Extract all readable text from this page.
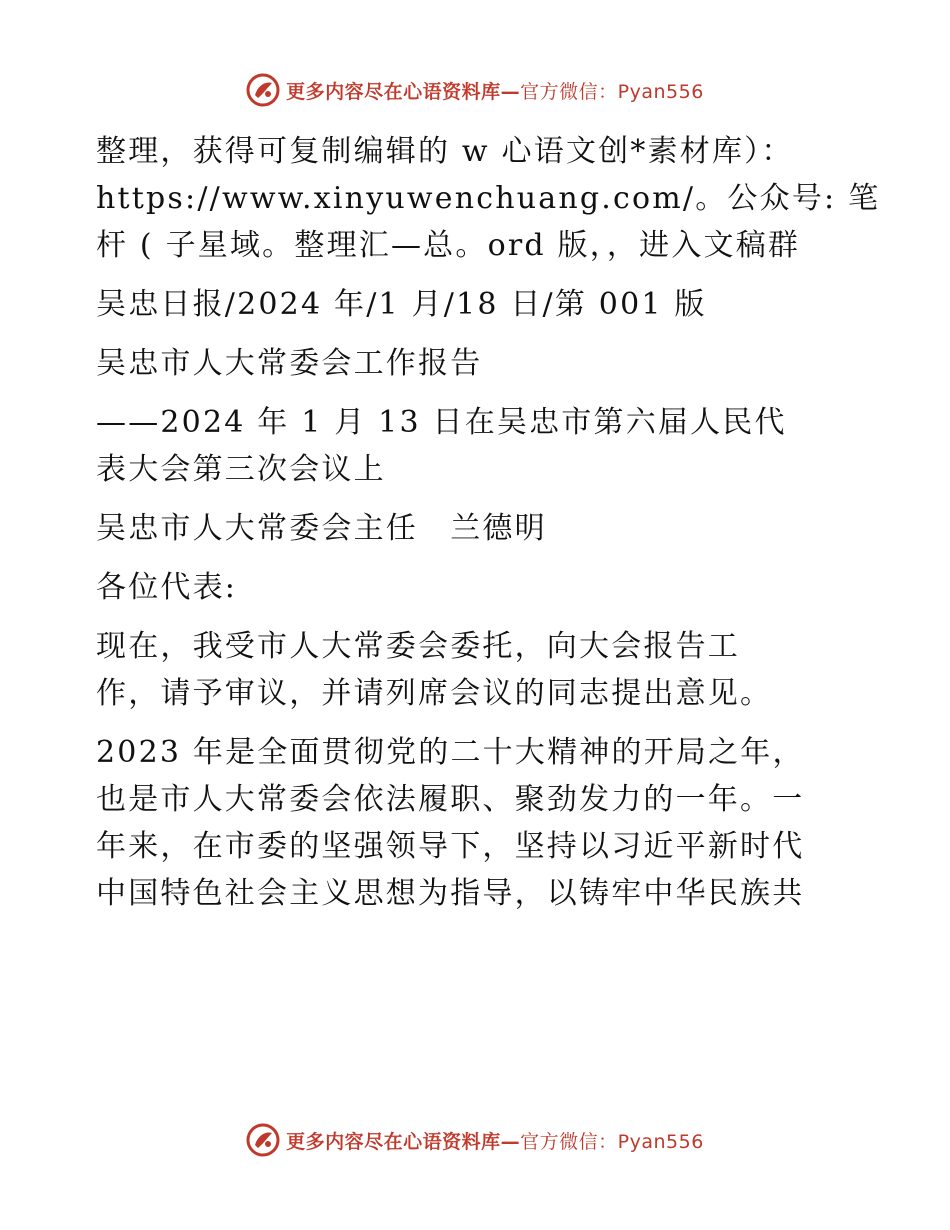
更多内容尽在心语资料库—官方微信：Pyan556
整理，获得可复制编辑的 w 心语文创*素材库）：
https://www.xinyuwenchuang.com/。公众号: 笔
杆 ( 子星域。整理汇—总。ord 版，，进入文稿群
吴忠日报/2024 年/1 月/18 日/第 001 版
吴忠市人大常委会工作报告
——2024 年 1 月 13 日在吴忠市第六届人民代
表大会第三次会议上
吴忠市人大常委会主任　兰德明
各位代表:
现在，我受市人大常委会委托，向大会报告工
作，请予审议，并请列席会议的同志提出意见。
2023 年是全面贯彻党的二十大精神的开局之年，
也是市人大常委会依法履职、聚劲发力的一年。一
年来，在市委的坚强领导下，坚持以习近平新时代
中国特色社会主义思想为指导，以铸牢中华民族共
更多内容尽在心语资料库—官方微信：Pyan556
